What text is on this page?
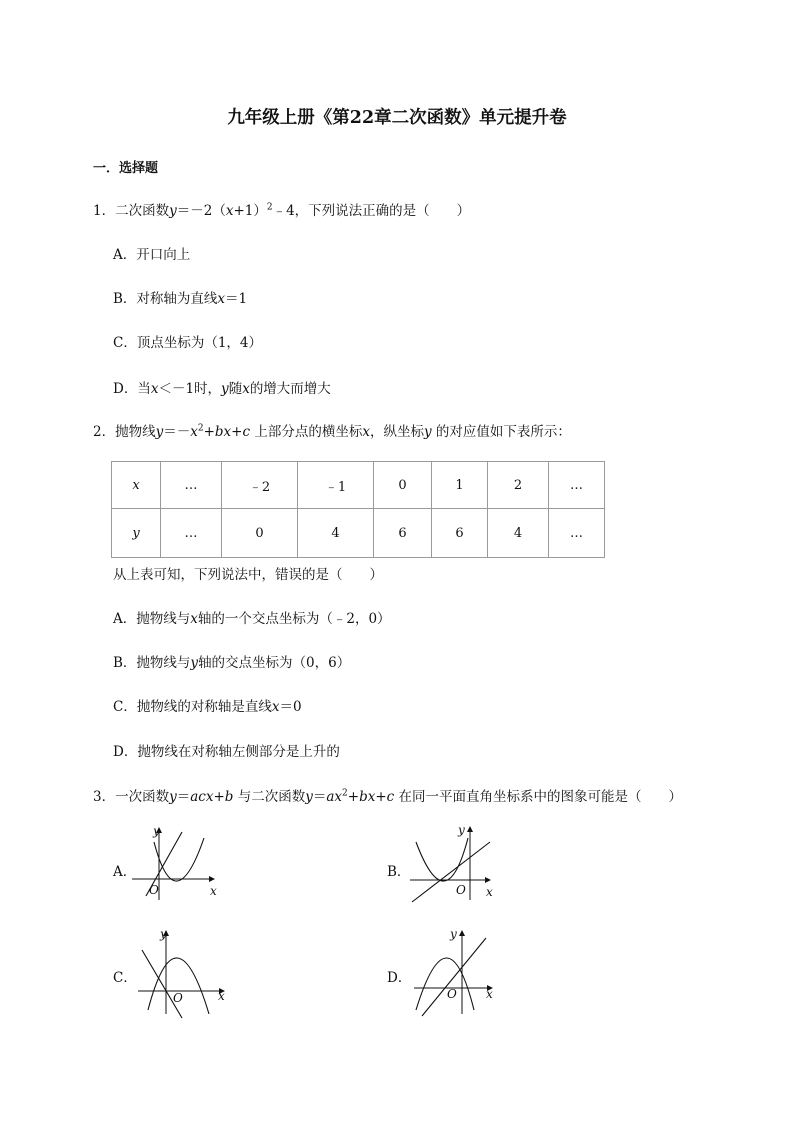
九年级上册《第22章二次函数》单元提升卷
一．选择题
1．二次函数$y=-2(x+1)^2﹣4$，下列说法正确的是（　　）
A．开口向上
B．对称轴为直线x＝1
C．顶点坐标为（1，4）
D．当x＜－1时，y随x的增大而增大
2．抛物线$y=-x^2+bx+c$ 上部分点的横坐标x，纵坐标y 的对应值如下表所示：
x	…	﹣2	﹣1	0	1	2	…
y	…	0	4	6	6	4	…
从上表可知，下列说法中，错误的是（　　）
A．抛物线与x轴的一个交点坐标为（﹣2，0）
B．抛物线与y轴的交点坐标为（0，6）
C．抛物线的对称轴是直线x＝0
D．抛物线在对称轴左侧部分是上升的
3．一次函数y＝acx+b 与二次函数$y=ax^2+bx+c$ 在同一平面直角坐标系中的图象可能是（　　）
A．	B．
C．	D．
y
x
O
y
x
O
y
x
O
y
x
O
